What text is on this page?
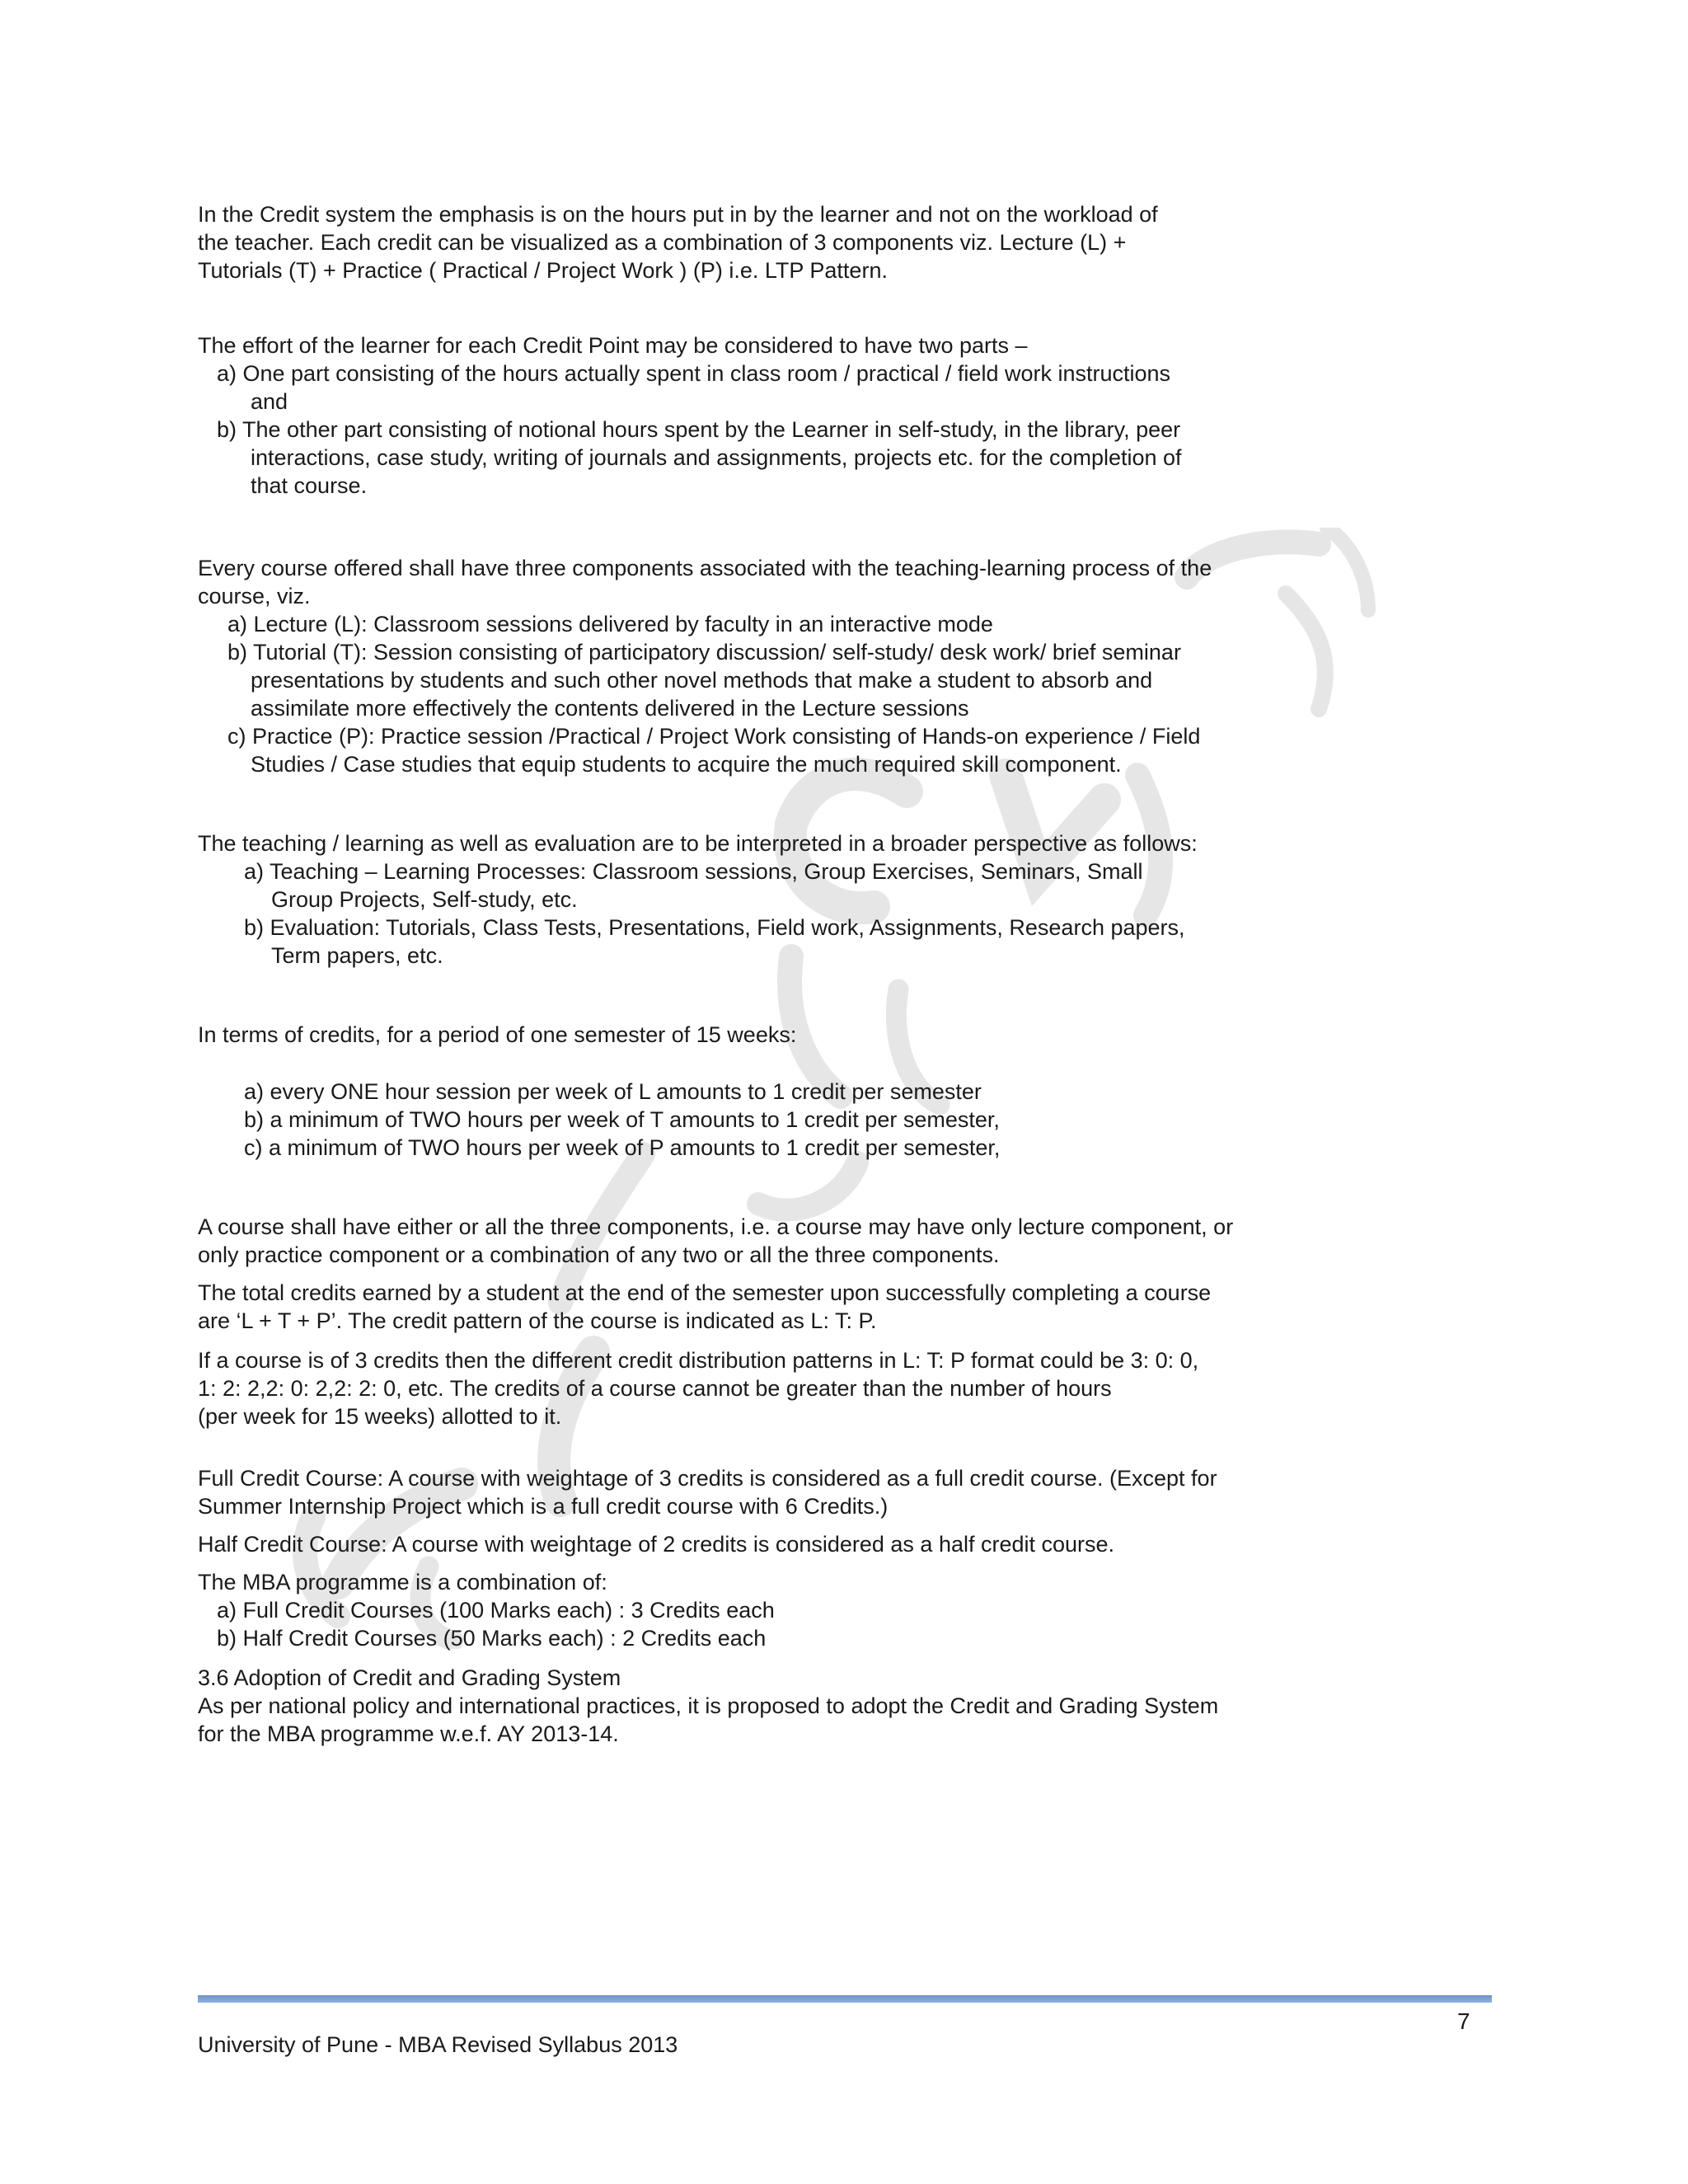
In the Credit system the emphasis is on the hours put in by the learner and not on the workload of
the teacher. Each credit can be visualized as a combination of 3 components viz. Lecture (L) +
Tutorials (T) + Practice ( Practical / Project Work ) (P) i.e. LTP Pattern.
The effort of the learner for each Credit Point may be considered to have two parts –
a) One part consisting of the hours actually spent in class room / practical / field work instructions
and
b) The other part consisting of notional hours spent by the Learner in self-study, in the library, peer
interactions, case study, writing of journals and assignments, projects etc. for the completion of
that course.
Every course offered shall have three components associated with the teaching-learning process of the
course, viz.
a) Lecture (L): Classroom sessions delivered by faculty in an interactive mode
b) Tutorial (T): Session consisting of participatory discussion/ self-study/ desk work/ brief seminar
presentations by students and such other novel methods that make a student to absorb and
assimilate more effectively the contents delivered in the Lecture sessions
c) Practice (P): Practice session /Practical / Project Work consisting of Hands-on experience / Field
Studies / Case studies that equip students to acquire the much required skill component.
The teaching / learning as well as evaluation are to be interpreted in a broader perspective as follows:
a) Teaching – Learning Processes: Classroom sessions, Group Exercises, Seminars, Small
Group Projects, Self-study, etc.
b) Evaluation: Tutorials, Class Tests, Presentations, Field work, Assignments, Research papers,
Term papers, etc.
In terms of credits, for a period of one semester of 15 weeks:
a) every ONE hour session per week of L amounts to 1 credit per semester
b) a minimum of TWO hours per week of T amounts to 1 credit per semester,
c) a minimum of TWO hours per week of P amounts to 1 credit per semester,
A course shall have either or all the three components, i.e. a course may have only lecture component, or
only practice component or a combination of any two or all the three components.
The total credits earned by a student at the end of the semester upon successfully completing a course
are ‘L + T + P’. The credit pattern of the course is indicated as L: T: P.
If a course is of 3 credits then the different credit distribution patterns in L: T: P format could be 3: 0: 0,
1: 2: 2,2: 0: 2,2: 2: 0, etc. The credits of a course cannot be greater than the number of hours
(per week for 15 weeks) allotted to it.
Full Credit Course: A course with weightage of 3 credits is considered as a full credit course. (Except for
Summer Internship Project which is a full credit course with 6 Credits.)
Half Credit Course: A course with weightage of 2 credits is considered as a half credit course.
The MBA programme is a combination of:
a) Full Credit Courses (100 Marks each) : 3 Credits each
b) Half Credit Courses (50 Marks each) : 2 Credits each
3.6 Adoption of Credit and Grading System
As per national policy and international practices, it is proposed to adopt the Credit and Grading System
for the MBA programme w.e.f. AY 2013-14.
7
University of Pune - MBA Revised Syllabus 2013
